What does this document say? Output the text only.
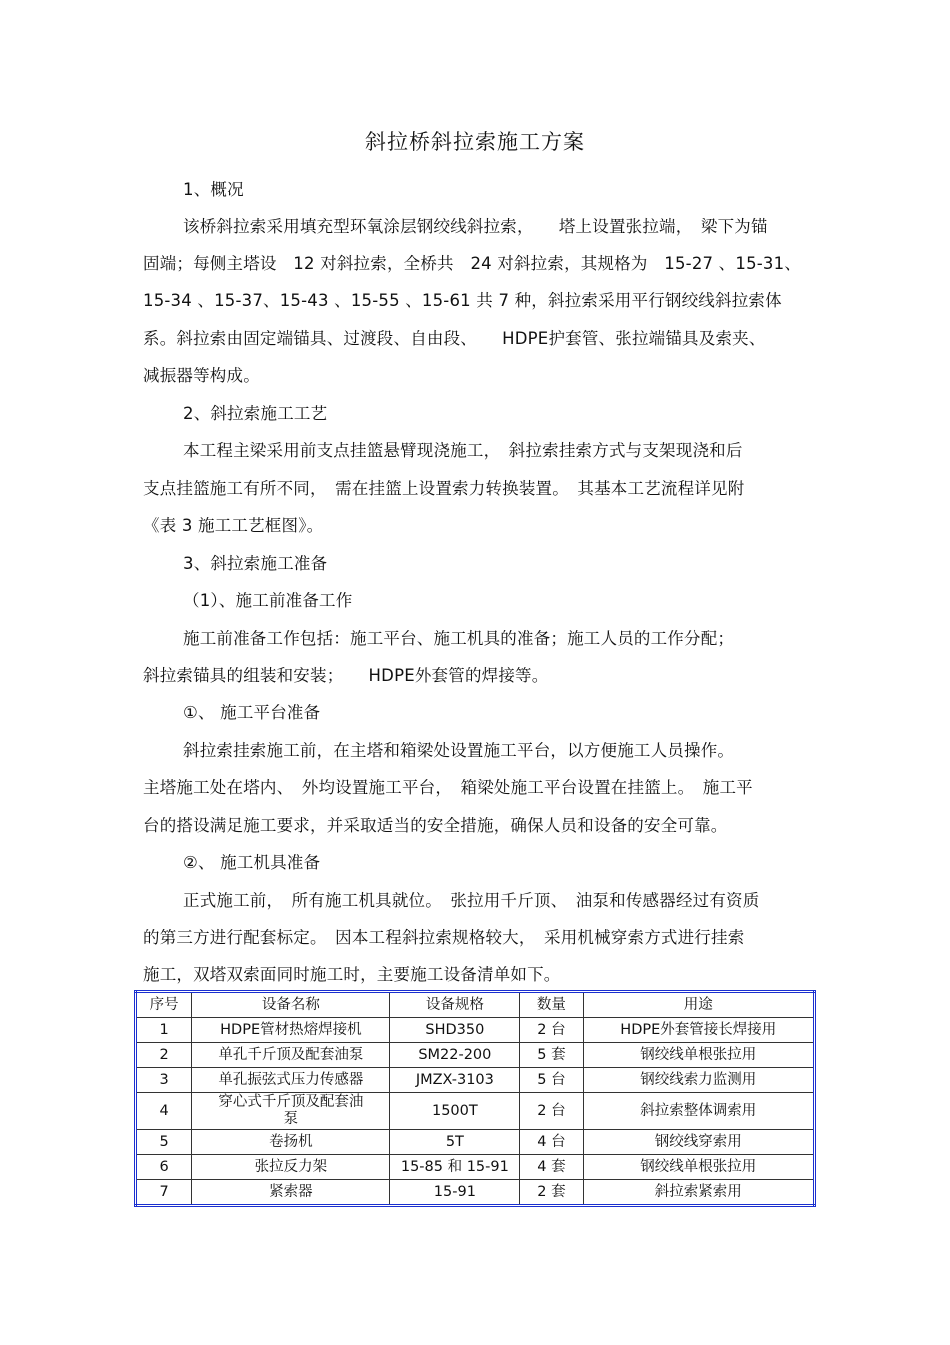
斜拉桥斜拉索施工方案
1、概况
该桥斜拉索采用填充型环氧涂层钢绞线斜拉索，　　塔上设置张拉端，　梁下为锚
固端；每侧主塔设　12 对斜拉索，全桥共　24 对斜拉索，其规格为　15-27 、15-31、
15-34 、15-37、15-43 、15-55 、15-61 共 7 种，斜拉索采用平行钢绞线斜拉索体
系。斜拉索由固定端锚具、过渡段、自由段、　　HDPE护套管、张拉端锚具及索夹、
减振器等构成。
2、斜拉索施工工艺
本工程主梁采用前支点挂篮悬臂现浇施工，　斜拉索挂索方式与支架现浇和后
支点挂篮施工有所不同，　需在挂篮上设置索力转换装置。　其基本工艺流程详见附
《表 3 施工工艺框图》。
3、斜拉索施工准备
（1）、施工前准备工作
施工前准备工作包括：施工平台、施工机具的准备；施工人员的工作分配；
斜拉索锚具的组装和安装；　　HDPE外套管的焊接等。
①、 施工平台准备
斜拉索挂索施工前，在主塔和箱梁处设置施工平台，以方便施工人员操作。
主塔施工处在塔内、　外均设置施工平台，　箱梁处施工平台设置在挂篮上。　施工平
台的搭设满足施工要求，并采取适当的安全措施，确保人员和设备的安全可靠。
②、 施工机具准备
正式施工前，　所有施工机具就位。　张拉用千斤顶、　油泵和传感器经过有资质
的第三方进行配套标定。　因本工程斜拉索规格较大，　采用机械穿索方式进行挂索
施工，双塔双索面同时施工时，主要施工设备清单如下。
序号	设备名称	设备规格	数量	用途
1	HDPE管材热熔焊接机	SHD350	2 台	HDPE外套管接长焊接用
2	单孔千斤顶及配套油泵	SM22-200	5 套	钢绞线单根张拉用
3	单孔振弦式压力传感器	JMZX-3103	5 台	钢绞线索力监测用
4	穿心式千斤顶及配套油泵	1500T	2 台	斜拉索整体调索用
5	卷扬机	5T	4 台	钢绞线穿索用
6	张拉反力架	15-85 和 15-91	4 套	钢绞线单根张拉用
7	紧索器	15-91	2 套	斜拉索紧索用
